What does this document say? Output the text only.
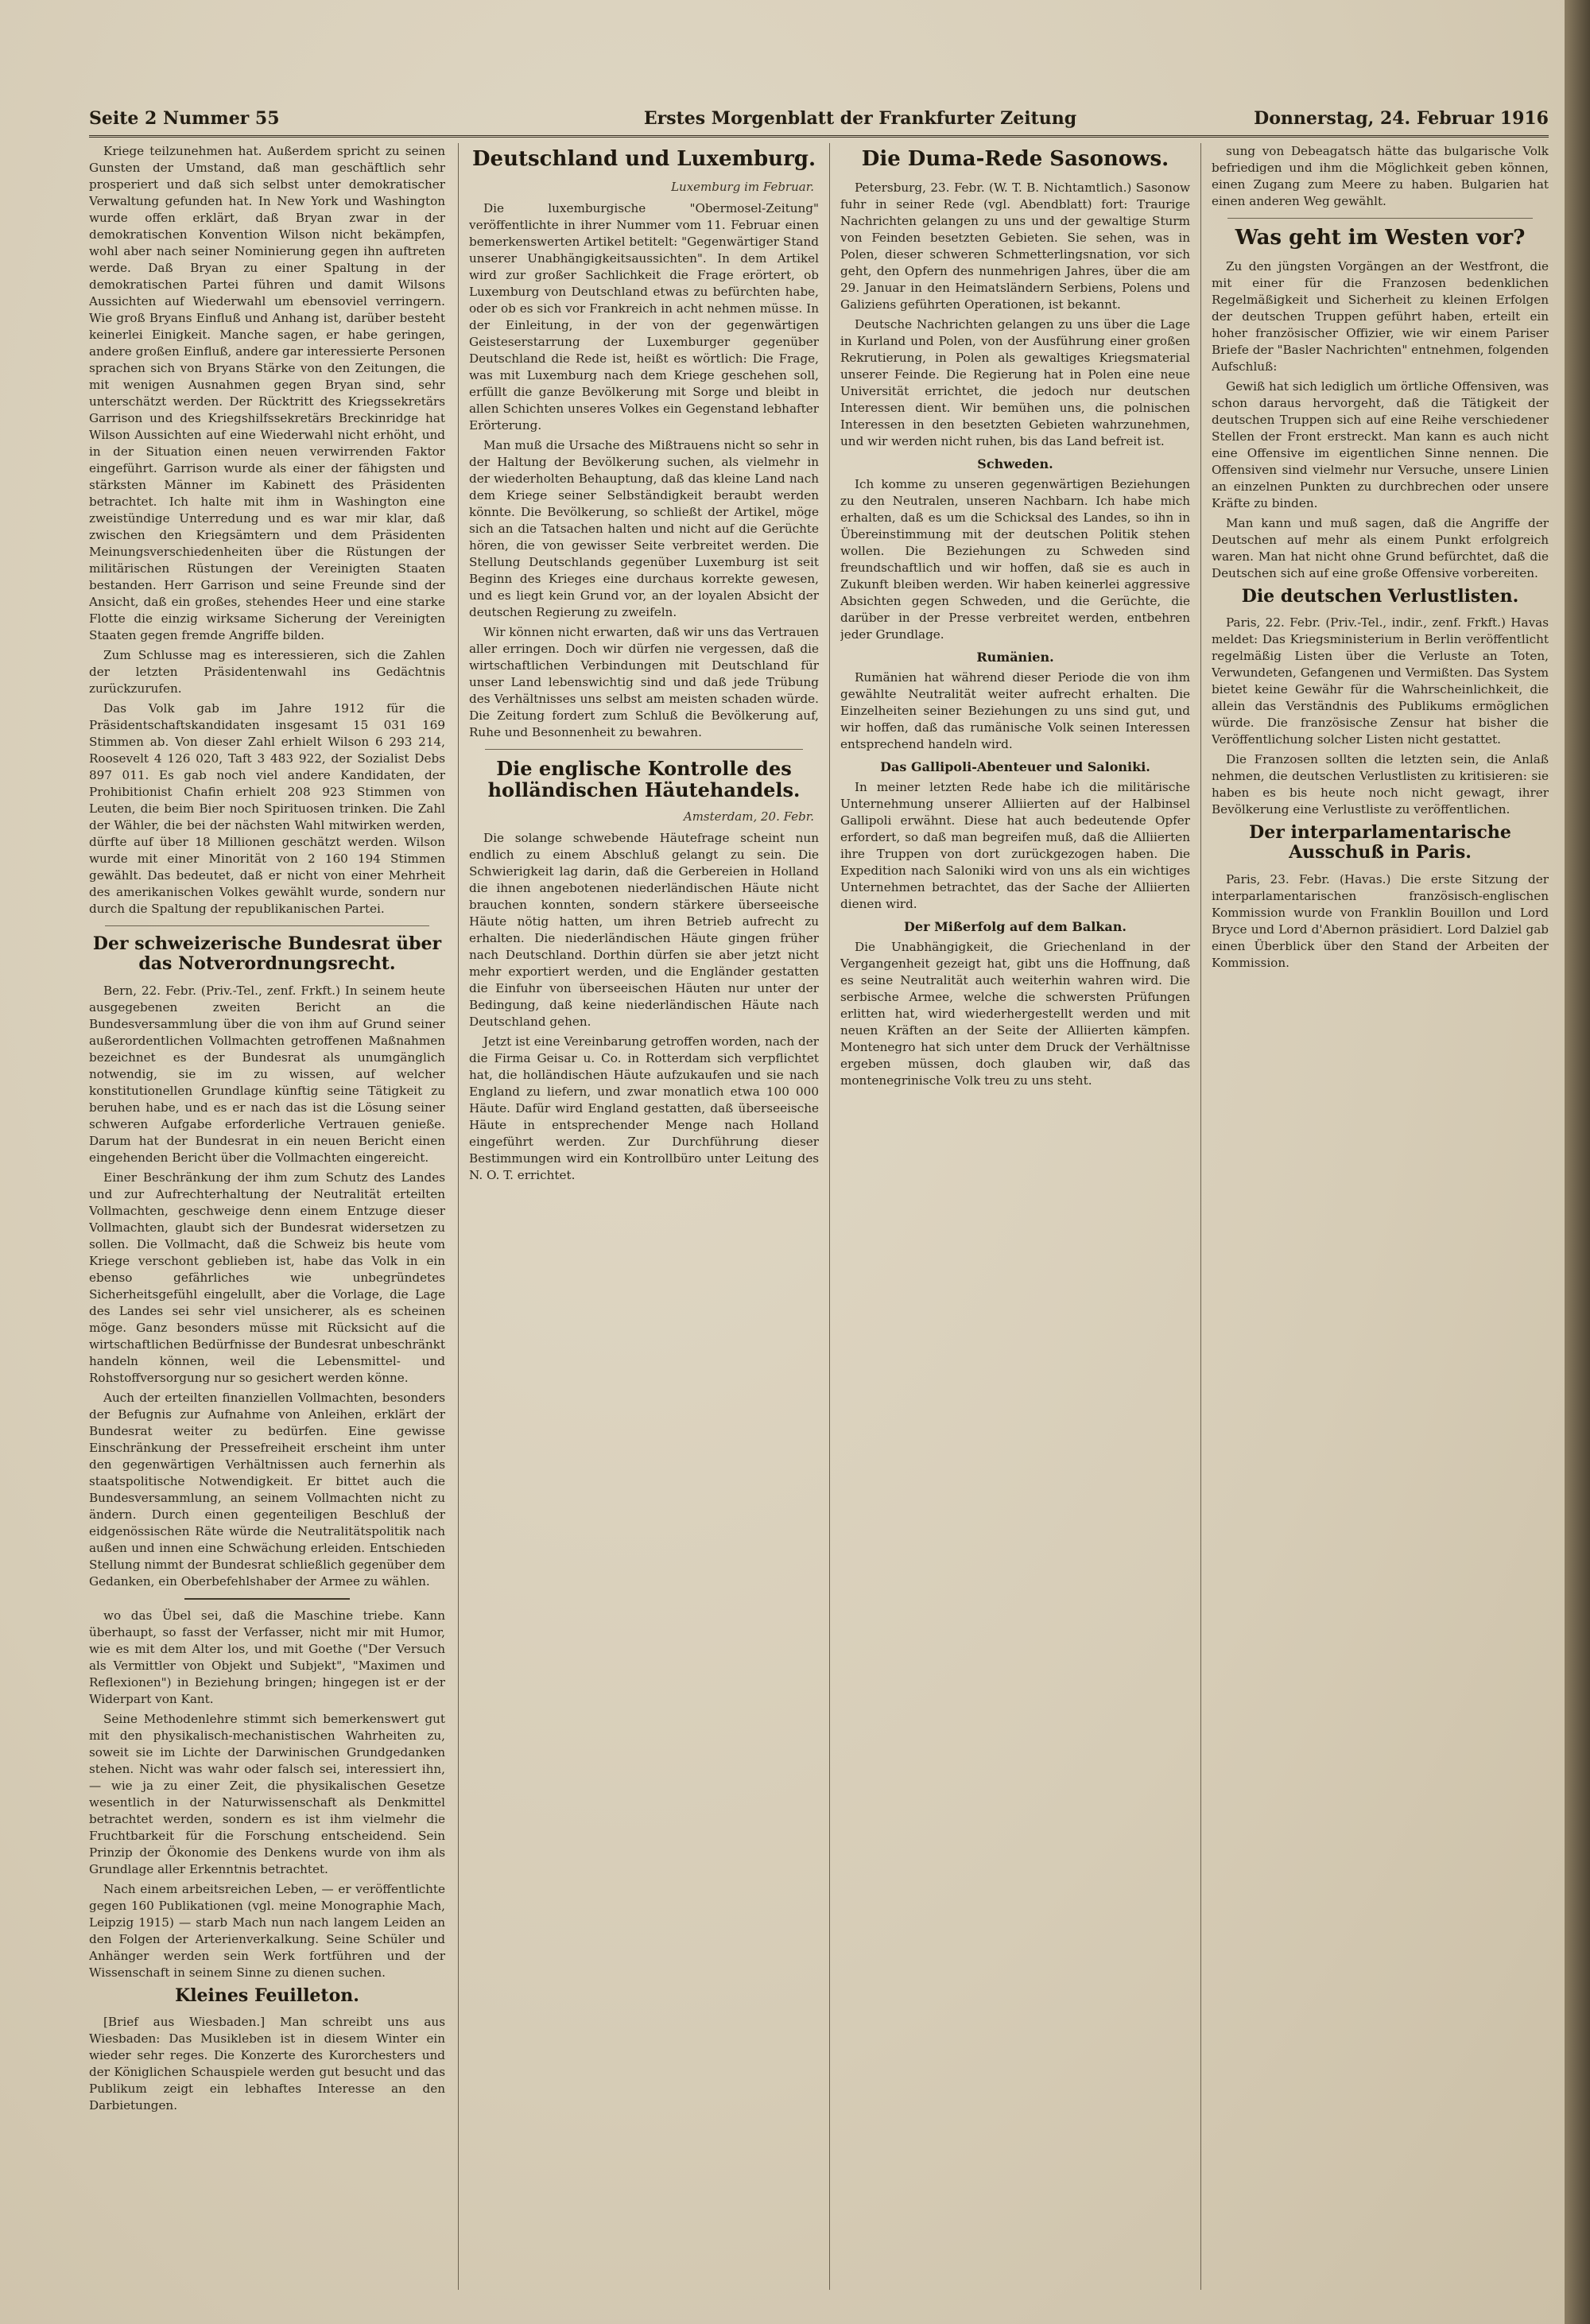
Seite 2 Nummer 55	Erstes Morgenblatt der Frankfurter Zeitung	Donnerstag, 24. Februar 1916
Kriege teilzunehmen hat. Außerdem spricht zu seinen Gunsten der Umstand, daß man geschäftlich sehr prosperiert und daß sich selbst unter demokratischer Verwaltung gefunden hat. In New York und Washington wurde offen erklärt, daß Bryan zwar in der demokratischen Konvention Wilson nicht bekämpfen, wohl aber nach seiner Nominierung gegen ihn auftreten werde. Daß Bryan zu einer Spaltung in der demokratischen Partei führen und damit Wilsons Aussichten auf Wiederwahl um ebensoviel verringern. Wie groß Bryans Einfluß und Anhang ist, darüber besteht keinerlei Einigkeit. Manche sagen, er habe geringen, andere großen Einfluß, andere gar interessierte Personen sprachen sich von Bryans Stärke von den Zeitungen, die mit wenigen Ausnahmen gegen Bryan sind, sehr unterschätzt werden. Der Rücktritt des Kriegssekretärs Garrison und des Kriegshilfssekretärs Breckinridge hat Wilson Aussichten auf eine Wiederwahl nicht erhöht, und in der Situation einen neuen verwirrenden Faktor eingeführt. Garrison wurde als einer der fähigsten und stärksten Männer im Kabinett des Präsidenten betrachtet. Ich halte mit ihm in Washington eine zweistündige Unterredung und es war mir klar, daß zwischen den Kriegsämtern und dem Präsidenten Meinungsverschiedenheiten über die Rüstungen der militärischen Rüstungen der Vereinigten Staaten bestanden. Herr Garrison und seine Freunde sind der Ansicht, daß ein großes, stehendes Heer und eine starke Flotte die einzig wirksame Sicherung der Vereinigten Staaten gegen fremde Angriffe bilden.
Zum Schlusse mag es interessieren, sich die Zahlen der letzten Präsidentenwahl ins Gedächtnis zurückzurufen.
Das Volk gab im Jahre 1912 für die Präsidentschaftskandidaten insgesamt 15 031 169 Stimmen ab. Von dieser Zahl erhielt Wilson 6 293 214, Roosevelt 4 126 020, Taft 3 483 922, der Sozialist Debs 897 011. Es gab noch viel andere Kandidaten, der Prohibitionist Chafin erhielt 208 923 Stimmen von Leuten, die beim Bier noch Spirituosen trinken. Die Zahl der Wähler, die bei der nächsten Wahl mitwirken werden, dürfte auf über 18 Millionen geschätzt werden. Wilson wurde mit einer Minorität von 2 160 194 Stimmen gewählt. Das bedeutet, daß er nicht von einer Mehrheit des amerikanischen Volkes gewählt wurde, sondern nur durch die Spaltung der republikanischen Partei.
Der schweizerische Bundesrat über das Notverordnungsrecht.
Bern, 22. Febr. (Priv.-Tel., zenf. Frkft.) In seinem heute ausgegebenen zweiten Bericht an die Bundesversammlung über die von ihm auf Grund seiner außerordentlichen Vollmachten getroffenen Maßnahmen bezeichnet es der Bundesrat als unumgänglich notwendig, sie im zu wissen, auf welcher konstitutionellen Grundlage künftig seine Tätigkeit zu beruhen habe, und es er nach das ist die Lösung seiner schweren Aufgabe erforderliche Vertrauen genieße. Darum hat der Bundesrat in ein neuen Bericht einen eingehenden Bericht über die Vollmachten eingereicht.
Einer Beschränkung der ihm zum Schutz des Landes und zur Aufrechterhaltung der Neutralität erteilten Vollmachten, geschweige denn einem Entzuge dieser Vollmachten, glaubt sich der Bundesrat widersetzen zu sollen. Die Vollmacht, daß die Schweiz bis heute vom Kriege verschont geblieben ist, habe das Volk in ein ebenso gefährliches wie unbegründetes Sicherheitsgefühl eingelullt, aber die Vorlage, die Lage des Landes sei sehr viel unsicherer, als es scheinen möge. Ganz besonders müsse mit Rücksicht auf die wirtschaftlichen Bedürfnisse der Bundesrat unbeschränkt handeln können, weil die Lebensmittel- und Rohstoffversorgung nur so gesichert werden könne.
Auch der erteilten finanziellen Vollmachten, besonders der Befugnis zur Aufnahme von Anleihen, erklärt der Bundesrat weiter zu bedürfen. Eine gewisse Einschränkung der Pressefreiheit erscheint ihm unter den gegenwärtigen Verhältnissen auch fernerhin als staatspolitische Notwendigkeit. Er bittet auch die Bundesversammlung, an seinem Vollmachten nicht zu ändern. Durch einen gegenteiligen Beschluß der eidgenössischen Räte würde die Neutralitätspolitik nach außen und innen eine Schwächung erleiden. Entschieden Stellung nimmt der Bundesrat schließlich gegenüber dem Gedanken, ein Oberbefehlshaber der Armee zu wählen.
wo das Übel sei, daß die Maschine triebe. Kann überhaupt, so fasst der Verfasser, nicht mir mit Humor, wie es mit dem Alter los, und mit Goethe ("Der Versuch als Vermittler von Objekt und Subjekt", "Maximen und Reflexionen") in Beziehung bringen; hingegen ist er der Widerpart von Kant.
Seine Methodenlehre stimmt sich bemerkenswert gut mit den physikalisch-mechanistischen Wahrheiten zu, soweit sie im Lichte der Darwinischen Grundgedanken stehen. Nicht was wahr oder falsch sei, interessiert ihn, — wie ja zu einer Zeit, die physikalischen Gesetze wesentlich in der Naturwissenschaft als Denkmittel betrachtet werden, sondern es ist ihm vielmehr die Fruchtbarkeit für die Forschung entscheidend. Sein Prinzip der Ökonomie des Denkens wurde von ihm als Grundlage aller Erkenntnis betrachtet.
Nach einem arbeitsreichen Leben, — er veröffentlichte gegen 160 Publikationen (vgl. meine Monographie Mach, Leipzig 1915) — starb Mach nun nach langem Leiden an den Folgen der Arterienverkalkung. Seine Schüler und Anhänger werden sein Werk fortführen und der Wissenschaft in seinem Sinne zu dienen suchen.
Kleines Feuilleton.
[Brief aus Wiesbaden.] Man schreibt uns aus Wiesbaden: Das Musikleben ist in diesem Winter ein wieder sehr reges. Die Konzerte des Kurorchesters und der Königlichen Schauspiele werden gut besucht und das Publikum zeigt ein lebhaftes Interesse an den Darbietungen.
Deutschland und Luxemburg.
Luxemburg im Februar.
Die luxemburgische "Obermosel-Zeitung" veröffentlichte in ihrer Nummer vom 11. Februar einen bemerkenswerten Artikel betitelt: "Gegenwärtiger Stand unserer Unabhängigkeitsaussichten". In dem Artikel wird zur großer Sachlichkeit die Frage erörtert, ob Luxemburg von Deutschland etwas zu befürchten habe, oder ob es sich vor Frankreich in acht nehmen müsse. In der Einleitung, in der von der gegenwärtigen Geisteserstarrung der Luxemburger gegenüber Deutschland die Rede ist, heißt es wörtlich: Die Frage, was mit Luxemburg nach dem Kriege geschehen soll, erfüllt die ganze Bevölkerung mit Sorge und bleibt in allen Schichten unseres Volkes ein Gegenstand lebhafter Erörterung.
Man muß die Ursache des Mißtrauens nicht so sehr in der Haltung der Bevölkerung suchen, als vielmehr in der wiederholten Behauptung, daß das kleine Land nach dem Kriege seiner Selbständigkeit beraubt werden könnte. Die Bevölkerung, so schließt der Artikel, möge sich an die Tatsachen halten und nicht auf die Gerüchte hören, die von gewisser Seite verbreitet werden. Die Stellung Deutschlands gegenüber Luxemburg ist seit Beginn des Krieges eine durchaus korrekte gewesen, und es liegt kein Grund vor, an der loyalen Absicht der deutschen Regierung zu zweifeln.
Wir können nicht erwarten, daß wir uns das Vertrauen aller erringen. Doch wir dürfen nie vergessen, daß die wirtschaftlichen Verbindungen mit Deutschland für unser Land lebenswichtig sind und daß jede Trübung des Verhältnisses uns selbst am meisten schaden würde. Die Zeitung fordert zum Schluß die Bevölkerung auf, Ruhe und Besonnenheit zu bewahren.
Die englische Kontrolle des holländischen Häutehandels.
Amsterdam, 20. Febr.
Die solange schwebende Häutefrage scheint nun endlich zu einem Abschluß gelangt zu sein. Die Schwierigkeit lag darin, daß die Gerbereien in Holland die ihnen angebotenen niederländischen Häute nicht brauchen konnten, sondern stärkere überseeische Häute nötig hatten, um ihren Betrieb aufrecht zu erhalten. Die niederländischen Häute gingen früher nach Deutschland. Dorthin dürfen sie aber jetzt nicht mehr exportiert werden, und die Engländer gestatten die Einfuhr von überseeischen Häuten nur unter der Bedingung, daß keine niederländischen Häute nach Deutschland gehen.
Jetzt ist eine Vereinbarung getroffen worden, nach der die Firma Geisar u. Co. in Rotterdam sich verpflichtet hat, die holländischen Häute aufzukaufen und sie nach England zu liefern, und zwar monatlich etwa 100 000 Häute. Dafür wird England gestatten, daß überseeische Häute in entsprechender Menge nach Holland eingeführt werden. Zur Durchführung dieser Bestimmungen wird ein Kontrollbüro unter Leitung des N. O. T. errichtet.
Die Duma-Rede Sasonows.
Petersburg, 23. Febr. (W. T. B. Nichtamtlich.) Sasonow fuhr in seiner Rede (vgl. Abendblatt) fort: Traurige Nachrichten gelangen zu uns und der gewaltige Sturm von Feinden besetzten Gebieten. Sie sehen, was in Polen, dieser schweren Schmetterlingsnation, vor sich geht, den Opfern des nunmehrigen Jahres, über die am 29. Januar in den Heimatsländern Serbiens, Polens und Galiziens geführten Operationen, ist bekannt.
Deutsche Nachrichten gelangen zu uns über die Lage in Kurland und Polen, von der Ausführung einer großen Rekrutierung, in Polen als gewaltiges Kriegsmaterial unserer Feinde. Die Regierung hat in Polen eine neue Universität errichtet, die jedoch nur deutschen Interessen dient. Wir bemühen uns, die polnischen Interessen in den besetzten Gebieten wahrzunehmen, und wir werden nicht ruhen, bis das Land befreit ist.
Schweden.
Ich komme zu unseren gegenwärtigen Beziehungen zu den Neutralen, unseren Nachbarn. Ich habe mich erhalten, daß es um die Schicksal des Landes, so ihn in Übereinstimmung mit der deutschen Politik stehen wollen. Die Beziehungen zu Schweden sind freundschaftlich und wir hoffen, daß sie es auch in Zukunft bleiben werden. Wir haben keinerlei aggressive Absichten gegen Schweden, und die Gerüchte, die darüber in der Presse verbreitet werden, entbehren jeder Grundlage.
Rumänien.
Rumänien hat während dieser Periode die von ihm gewählte Neutralität weiter aufrecht erhalten. Die Einzelheiten seiner Beziehungen zu uns sind gut, und wir hoffen, daß das rumänische Volk seinen Interessen entsprechend handeln wird.
Das Gallipoli-Abenteuer und Saloniki.
In meiner letzten Rede habe ich die militärische Unternehmung unserer Alliierten auf der Halbinsel Gallipoli erwähnt. Diese hat auch bedeutende Opfer erfordert, so daß man begreifen muß, daß die Alliierten ihre Truppen von dort zurückgezogen haben. Die Expedition nach Saloniki wird von uns als ein wichtiges Unternehmen betrachtet, das der Sache der Alliierten dienen wird.
Der Mißerfolg auf dem Balkan.
Die Unabhängigkeit, die Griechenland in der Vergangenheit gezeigt hat, gibt uns die Hoffnung, daß es seine Neutralität auch weiterhin wahren wird. Die serbische Armee, welche die schwersten Prüfungen erlitten hat, wird wiederhergestellt werden und mit neuen Kräften an der Seite der Alliierten kämpfen. Montenegro hat sich unter dem Druck der Verhältnisse ergeben müssen, doch glauben wir, daß das montenegrinische Volk treu zu uns steht.
sung von Debeagatsch hätte das bulgarische Volk befriedigen und ihm die Möglichkeit geben können, einen Zugang zum Meere zu haben. Bulgarien hat einen anderen Weg gewählt.
Was geht im Westen vor?
Zu den jüngsten Vorgängen an der Westfront, die mit einer für die Franzosen bedenklichen Regelmäßigkeit und Sicherheit zu kleinen Erfolgen der deutschen Truppen geführt haben, erteilt ein hoher französischer Offizier, wie wir einem Pariser Briefe der "Basler Nachrichten" entnehmen, folgenden Aufschluß:
Gewiß hat sich lediglich um örtliche Offensiven, was schon daraus hervorgeht, daß die Tätigkeit der deutschen Truppen sich auf eine Reihe verschiedener Stellen der Front erstreckt. Man kann es auch nicht eine Offensive im eigentlichen Sinne nennen. Die Offensiven sind vielmehr nur Versuche, unsere Linien an einzelnen Punkten zu durchbrechen oder unsere Kräfte zu binden.
Man kann und muß sagen, daß die Angriffe der Deutschen auf mehr als einem Punkt erfolgreich waren. Man hat nicht ohne Grund befürchtet, daß die Deutschen sich auf eine große Offensive vorbereiten.
Die deutschen Verlustlisten.
Paris, 22. Febr. (Priv.-Tel., indir., zenf. Frkft.) Havas meldet: Das Kriegsministerium in Berlin veröffentlicht regelmäßig Listen über die Verluste an Toten, Verwundeten, Gefangenen und Vermißten. Das System bietet keine Gewähr für die Wahrscheinlichkeit, die allein das Verständnis des Publikums ermöglichen würde. Die französische Zensur hat bisher die Veröffentlichung solcher Listen nicht gestattet.
Die Franzosen sollten die letzten sein, die Anlaß nehmen, die deutschen Verlustlisten zu kritisieren: sie haben es bis heute noch nicht gewagt, ihrer Bevölkerung eine Verlustliste zu veröffentlichen.
Der interparlamentarische Ausschuß in Paris.
Paris, 23. Febr. (Havas.) Die erste Sitzung der interparlamentarischen französisch-englischen Kommission wurde von Franklin Bouillon und Lord Bryce und Lord d'Abernon präsidiert. Lord Dalziel gab einen Überblick über den Stand der Arbeiten der Kommission.
